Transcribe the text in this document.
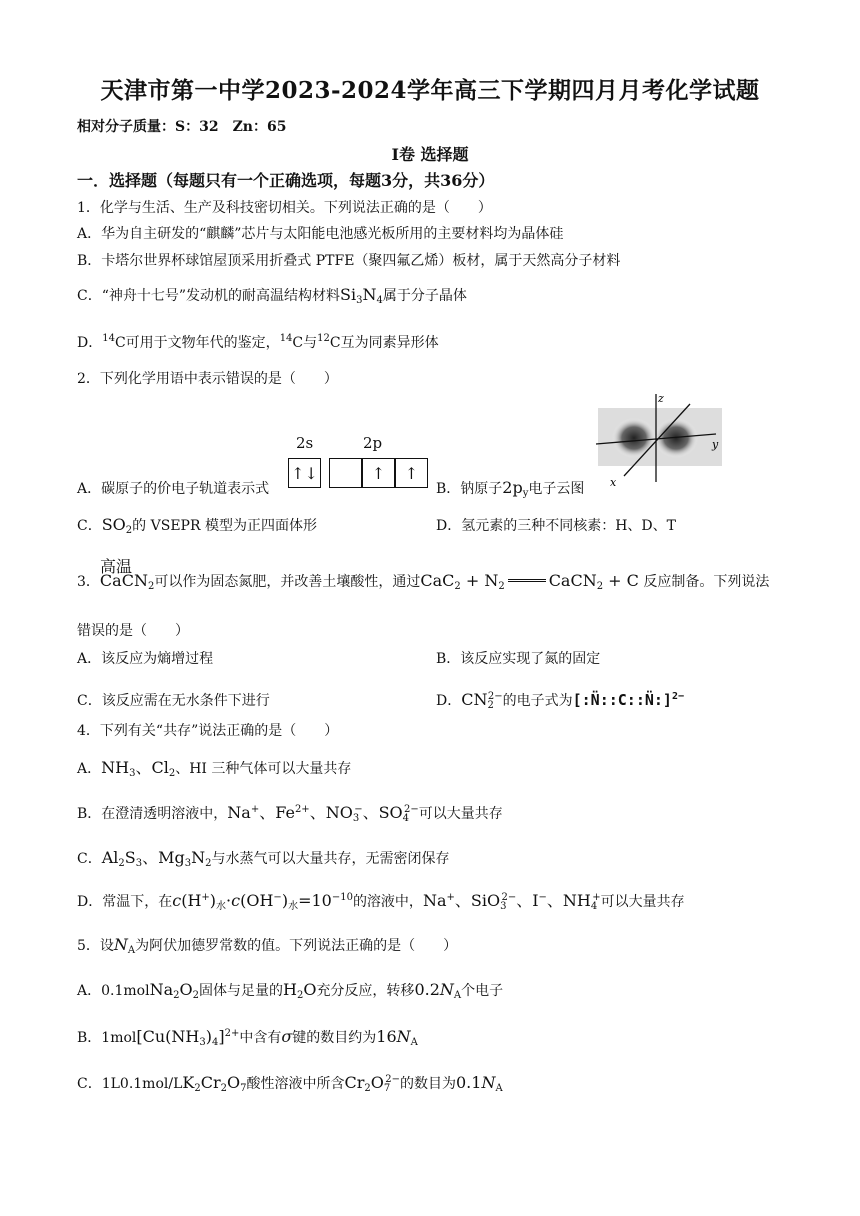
天津市第一中学2023-2024学年高三下学期四月月考化学试题
相对分子质量：S：32　Zn：65
Ⅰ卷 选择题
一．选择题（每题只有一个正确选项，每题3分，共36分）
1．化学与生活、生产及科技密切相关。下列说法正确的是（　　）
A．华为自主研发的“麒麟”芯片与太阳能电池感光板所用的主要材料均为晶体硅
B．卡塔尔世界杯球馆屋顶采用折叠式 PTFE（聚四氟乙烯）板材，属于天然高分子材料
C．“神舟十七号”发动机的耐高温结构材料$Si_3N_4$属于分子晶体
D．$^{14}$C可用于文物年代的鉴定，$^{14}$C与$^{12}$C互为同素异形体
2．下列化学用语中表示错误的是（　　）
2s	2p
↑↓	↑	↑
A．碳原子的价电子轨道表示式
z
y
x
B．钠原子$2p_y$电子云图
C．$SO_2$的 VSEPR 模型为正四面体形	D．氢元素的三种不同核素：H、D、T
高温
3．CaCN$_2$可以作为固态氮肥，并改善土壤酸性，通过$CaC_2 + N_2$	CaCN$_2$ + C 反应制备。下列说法
错误的是（　　）
A．该反应为熵增过程	B．该反应实现了氮的固定
C．该反应需在无水条件下进行	D．$CN_2^{2-}$的电子式为[:N̈::C::N̈:]$^{2-}$
4．下列有关“共存”说法正确的是（　　）
A．$NH_3$、$Cl_2$、HI 三种气体可以大量共存
B．在澄清透明溶液中，Na+、$Fe^{2+}$、$NO_3^-$、$SO_4^{2-}$可以大量共存
C．$Al_2S_3$、$Mg_3N_2$与水蒸气可以大量共存，无需密闭保存
D．常温下，在$c(H^+)_水\cdot c(OH^-)_水=10^{-10}$的溶液中，Na+、SiO$_3^{2-}$、I−、$NH_4^+$可以大量共存
5．设$N_A$为阿伏加德罗常数的值。下列说法正确的是（　　）
A．$0.1molNa_2O_2$固体与足量的$H_2O$充分反应，转移$0.2N_A$个电子
B．$1mol[Cu(NH_3)_4]^{2+}$中含有σ键的数目约为$16N_A$
C．$1L0.1mol/LK_2Cr_2O_7$酸性溶液中所含$Cr_2O_7^{2-}$的数目为$0.1N_A$
